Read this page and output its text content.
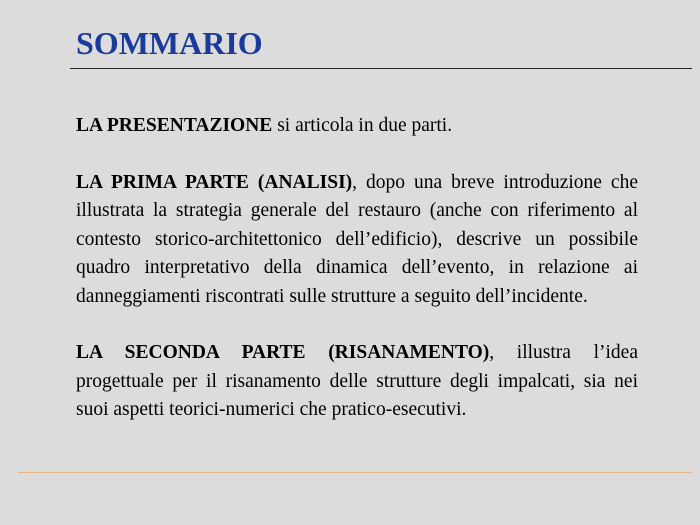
SOMMARIO

LA PRESENTAZIONE si articola in due parti.

LA PRIMA PARTE (ANALISI), dopo una breve introduzione che illustrata la strategia generale del restauro (anche con riferimento al contesto storico-architettonico dell’edificio), descrive un possibile quadro interpretativo della dinamica dell’evento, in relazione ai danneggiamenti riscontrati sulle strutture a seguito dell’incidente.

LA SECONDA PARTE (RISANAMENTO), illustra l’idea progettuale per il risanamento delle strutture degli impalcati, sia nei suoi aspetti teorici-numerici che pratico-esecutivi.
